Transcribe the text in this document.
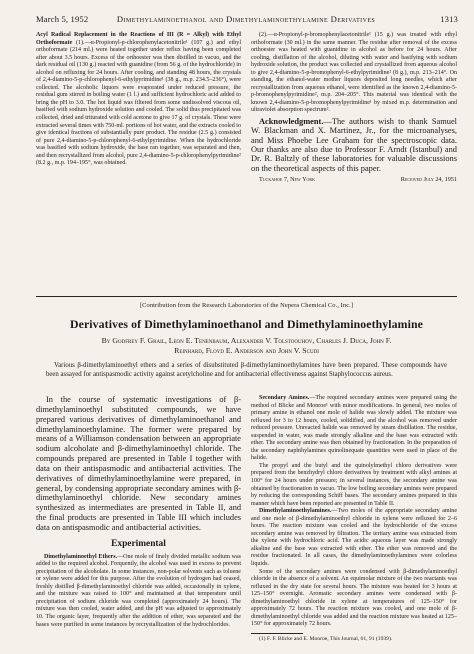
March 5, 1952	Dimethylaminoethanol and Dimethylaminoethylamine Derivatives	1313

Acyl Radical Replacement in the Reactions of III (R = Alkyl) with Ethyl Orthoformate (1).—α-Propionyl-p-chlorophenylacetonitrile¹ (107 g.) and ethyl orthoformate (214 ml.) were heated together under reflux having been completed after about 3.5 hours. Excess of the orthoester was then distilled in vacuo, and the dark residual oil (130 g.) reacted with guanidine (from 56 g. of the hydrochloride) in alcohol on refluxing for 24 hours. After cooling, and standing 48 hours, the crystals of 2,4-diamino-5-p-chlorophenyl-6-ethylpyrimidine¹ (38 g., m.p. 234.5–236°), were collected. The alcoholic liquors were evaporated under reduced pressure, the residual gum stirred in boiling water (1 l.) and sufficient hydrochloric acid added to bring the pH to 3.0. The hot liquid was filtered from some undissolved viscous oil, basified with sodium hydroxide solution and cooled. The solid thus precipitated was collected, dried and triturated with cold acetone to give 17 g. of crystals. These were extracted several times with 750-ml. portions of hot water, and the extracts cooled to give identical fractions of substantially pure product. The residue (2.5 g.) consisted of pure 2,4-diamino-5-p-chlorophenyl-6-ethylpyrimidine. When the hydrochloride was basified with sodium hydroxide, the base ran together, was separated and then, and then recrystallized from alcohol, pure 2,4-diamino-5-p-chlorophenylpyrimidine² (8.2 g., m.p. 194–195°, was obtained.

(2).—α-Propionyl-p-bromophenylacetonitrile¹ (15 g.) was treated with ethyl orthoformate (30 ml.) in the same manner. The residue after removal of the excess orthoester was heated with guanidine in alcohol as before for 24 hours. After cooling, distillation of the alcohol, diluting with water and basifying with sodium hydroxide solution, the product was collected and crystallized from aqueous alcohol to give 2,4-diamino-5-p-bromophenyl-6-ethylpyrimidine² (8 g.), m.p. 213–214°. On standing, the ethanol-water mother liquors deposited long needles, which after recrystallization from aqueous ethanol, were identified as the known 2,4-diamino-5-p-bromophenylpyrimidine², m.p. 204–205°. This material was identical with the known 2,4-diamino-5-p-bromophenylpyrimidine¹ by mixed m.p. determination and ultraviolet absorption spectrum².

Acknowledgment.—The authors wish to thank Samuel W. Blackman and X. Martinez, Jr., for the microanalyses, and Miss Phoebe Lee Graham for the spectroscopic data. Our thanks are also due to Professor F. Arndt (Istanbul) and Dr. R. Baltzly of these laboratories for valuable discussions on the theoretical aspects of this paper.
Tuckahoe 7, New York	Received July 24, 1951
[Contribution from the Research Laboratories of the Nepera Chemical Co., Inc.]
Derivatives of Dimethylaminoethanol and Dimethylaminoethylamine
By Godfrey F. Grail, Leon E. Tenenbaum, Alexander V. Tolstoouhov, Charles J. Duca, John F.
Reinhard, Floyd E. Anderson and John V. Scudi
Various β-dimethylaminoethyl ethers and a series of disubstituted β-dimethylaminoethylamines have been prepared. These compounds have been assayed for antispasmodic activity against acetylcholine and for antibacterial effectiveness against Staphylococcus aureus.

In the course of systematic investigations of β-dimethylaminoethyl substituted compounds, we have prepared various derivatives of dimethylaminoethanol and dimethylaminoethylamine. The former were prepared by means of a Williamson condensation between an appropriate sodium alcoholate and β-dimethylaminoethyl chloride. The compounds prepared are presented in Table I together with data on their antispasmodic and antibacterial activities. The derivatives of dimethylaminoethylamine were prepared, in general, by condensing appropriate secondary amines with β-dimethylaminoethyl chloride. New secondary amines synthesized as intermediates are presented in Table II, and the final products are presented in Table III which includes data on antispasmodic and antibacterial activities.

Experimental

Dimethylaminoethyl Ethers.—One mole of finely divided metallic sodium was added to the required alcohol. Frequently, the alcohol was used in excess to prevent precipitation of the alcoholate. In some instances, non-polar solvents such as toluene or xylene were added for this purpose. After the evolution of hydrogen had ceased, freshly distilled β-dimethylaminoethyl chloride was added, occasionally in xylene, and the mixture was raised to 100° and maintained at that temperature until precipitation of sodium chloride was completed (approximately 24 hours). The mixture was then cooled, water added, and the pH was adjusted to approximately 10. The organic layer, frequently after the addition of ether, was separated and the bases were purified in some instances by recrystallization of the hydrochlorides.

Secondary Amines.—The required secondary amines were prepared using the method of Blicke and Monroe¹ with minor modifications. In general, two moles of primary amine in ethanol one mole of halide was slowly added. The mixture was refluxed for 3 to 12 hours, cooled, solidified, and the alcohol was removed under reduced pressure. Unreacted halide was removed by steam distillation. The residue, suspended in water, was made strongly alkaline and the base was extracted with ether. The secondary amine was then obtained by fractionation. In the preparation of the secondary naphthylamines quinolinequate quantities were used in place of the halide.

The propyl and the butyl and the quinolylmethyl chloro derivatives were prepared from the benzhydryl chloro derivatives by treatment with alkyl amines at 100° for 24 hours under pressure; in several instances, the secondary amine was obtained by fractionation in vacuo. The low boiling secondary amines were prepared by reducing the corresponding Schiff bases. The secondary amines prepared in this manner which have been reported are presented in Table II.

Dimethylaminoethylamines.—Two moles of the appropriate secondary amine and one mole of β-dimethylaminoethyl chloride in xylene were refluxed for 2–6 hours. The reaction mixture was cooled and the hydrochloride of the excess secondary amine was removed by filtration. The tertiary amine was extracted from the xylene with hydrochloric acid. The acidic aqueous layer was made strongly alkaline and the base was extracted with ether. The ether was removed and the residue fractionated. In all cases, the dimethylaminoethylamines were colorless liquids.

Some of the secondary amines were condensed with β-dimethylaminoethyl chloride in the absence of a solvent. An equimolar mixture of the two reactants was refluxed in the dry state for several hours. The mixture was heated for 3 hours at 125–150° overnight. Aromatic secondary amines were condensed with β-dimethylaminoethyl chloride in xylene at temperatures of 125–150° for approximately 72 hours. The reaction mixture was cooled, and one mole of β-dimethylaminoethyl chloride was added and the reaction mixture was heated at 125–150° for approximately 72 hours.

(1) F. F. Blicke and E. Monroe, This Journal, 61, 91 (1939).
